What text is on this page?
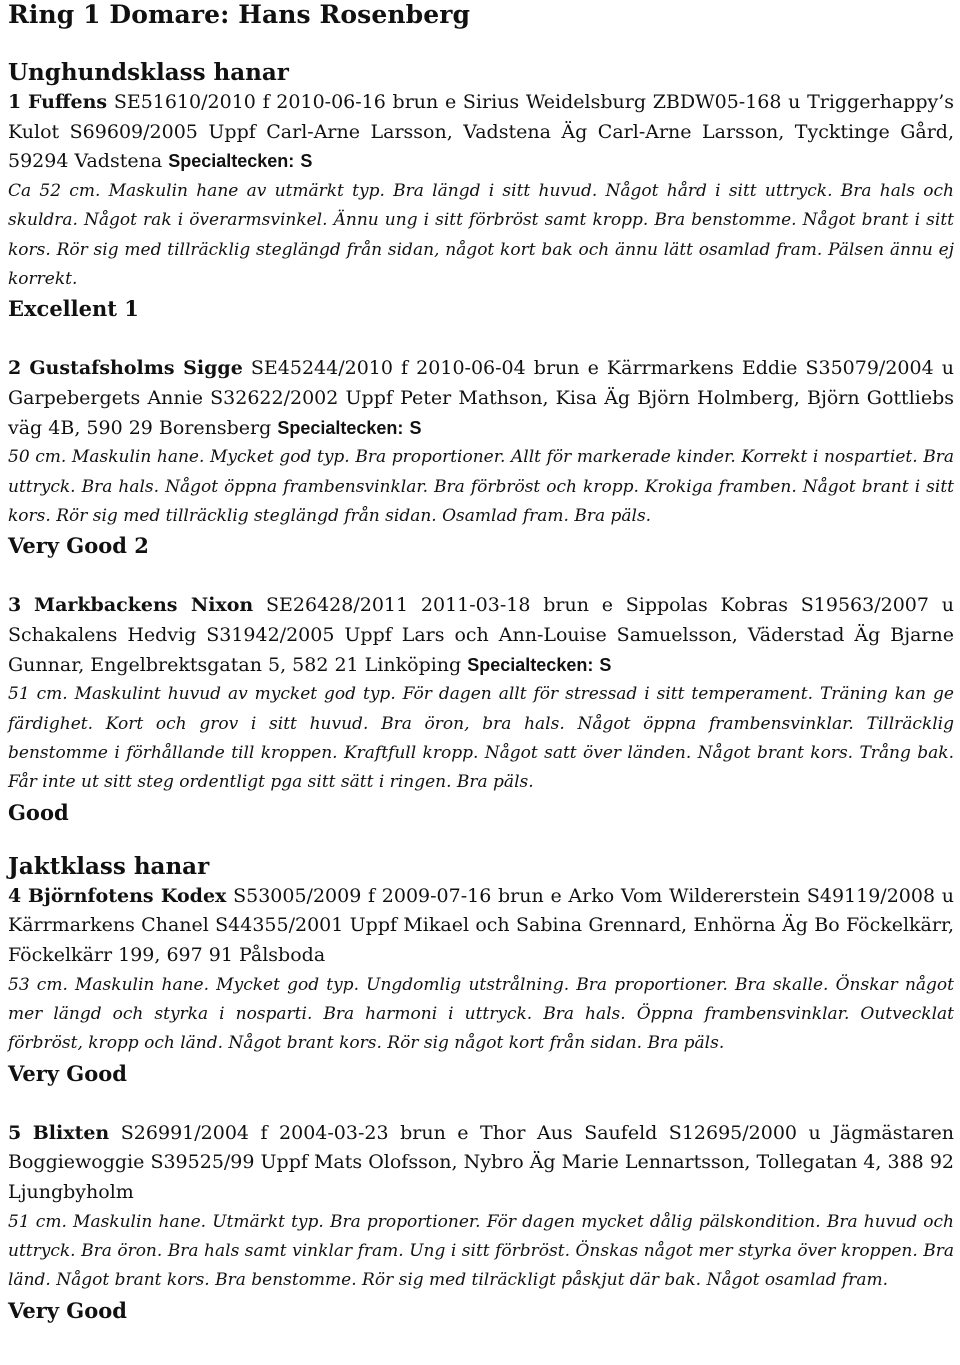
Ring 1 Domare: Hans Rosenberg
Unghundsklass hanar

1 Fuffens SE51610/2010 f 2010-06-16 brun e Sirius Weidelsburg ZBDW05-168 u Triggerhappy’s Kulot S69609/2005 Uppf Carl-Arne Larsson, Vadstena Äg Carl-Arne Larsson, Tycktinge Gård, 59294 Vadstena Specialtecken: S

Ca 52 cm. Maskulin hane av utmärkt typ. Bra längd i sitt huvud. Något hård i sitt uttryck. Bra hals och skuldra. Något rak i överarmsvinkel. Ännu ung i sitt förbröst samt kropp. Bra benstomme. Något brant i sitt kors. Rör sig med tillräcklig steglängd från sidan, något kort bak och ännu lätt osamlad fram. Pälsen ännu ej korrekt.

Excellent 1

2 Gustafsholms Sigge SE45244/2010 f 2010-06-04 brun e Kärrmarkens Eddie S35079/2004 u Garpebergets Annie S32622/2002 Uppf Peter Mathson, Kisa Äg Björn Holmberg, Björn Gottliebs väg 4B, 590 29 Borensberg Specialtecken: S

50 cm. Maskulin hane. Mycket god typ. Bra proportioner. Allt för markerade kinder. Korrekt i nospartiet. Bra uttryck. Bra hals. Något öppna frambensvinklar. Bra förbröst och kropp. Krokiga framben. Något brant i sitt kors. Rör sig med tillräcklig steglängd från sidan. Osamlad fram. Bra päls.

Very Good 2

3 Markbackens Nixon SE26428/2011 2011-03-18 brun e Sippolas Kobras S19563/2007 u Schakalens Hedvig S31942/2005 Uppf Lars och Ann-Louise Samuelsson, Väderstad Äg Bjarne Gunnar, Engelbrektsgatan 5, 582 21 Linköping Specialtecken: S

51 cm. Maskulint huvud av mycket god typ. För dagen allt för stressad i sitt temperament. Träning kan ge färdighet. Kort och grov i sitt huvud. Bra öron, bra hals. Något öppna frambensvinklar. Tillräcklig benstomme i förhållande till kroppen. Kraftfull kropp. Något satt över länden. Något brant kors. Trång bak. Får inte ut sitt steg ordentligt pga sitt sätt i ringen. Bra päls.

Good

Jaktklass hanar

4 Björnfotens Kodex S53005/2009 f 2009-07-16 brun e Arko Vom Wildererstein S49119/2008 u Kärrmarkens Chanel S44355/2001 Uppf Mikael och Sabina Grennard, Enhörna Äg Bo Föckelkärr, Föckelkärr 199, 697 91 Pålsboda

53 cm. Maskulin hane. Mycket god typ. Ungdomlig utstrålning. Bra proportioner. Bra skalle. Önskar något mer längd och styrka i nosparti. Bra harmoni i uttryck. Bra hals. Öppna frambensvinklar. Outvecklat förbröst, kropp och länd. Något brant kors. Rör sig något kort från sidan. Bra päls.

Very Good

5 Blixten S26991/2004 f 2004-03-23 brun e Thor Aus Saufeld S12695/2000 u Jägmästaren Boggiewoggie S39525/99 Uppf Mats Olofsson, Nybro Äg Marie Lennartsson, Tollegatan 4, 388 92 Ljungbyholm

51 cm. Maskulin hane. Utmärkt typ. Bra proportioner. För dagen mycket dålig pälskondition. Bra huvud och uttryck. Bra öron. Bra hals samt vinklar fram. Ung i sitt förbröst. Önskas något mer styrka över kroppen. Bra länd. Något brant kors. Bra benstomme. Rör sig med tilräckligt påskjut där bak. Något osamlad fram.

Very Good
